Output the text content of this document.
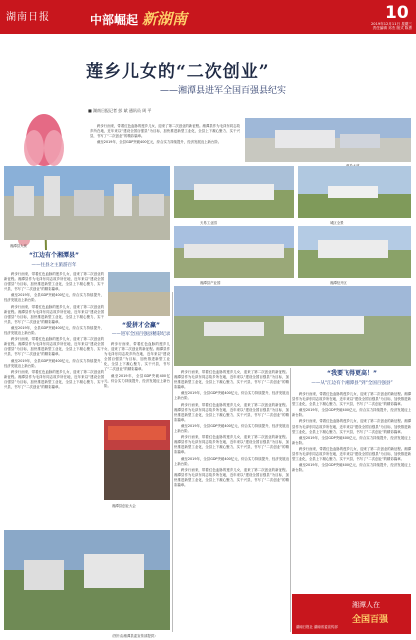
湖南日报	中部崛起 新湖南	10
2019年12月11日 星期三
责任编辑 邓杰 版式 陈勇
莲乡儿女的“二次创业”
——湘潭县进军全国百强县纪实
■ 湖南日报记者 彭 斌 通讯员 周 平

跨步行而来，带着红色血脉的莲乡儿女，迎来了第二次创业的新征程。湘潭县作为毛泽东同志故乡所在地，近年来以“建设全国百强县”为目标，加快推进新型工业化，全县上下凝心聚力、实干兴县，书写了“二次创业”的精彩篇章。

截至2019年，全县GDP突破400亿元，综合实力持续提升，经济发展迈上新台阶。

湘潭县大泉
天易工业园	城区全景
湘潭县产业园	湘潭经开区
“江边有个湘潭县”
——往县之主旅游百年

跨步行而来，带着红色血脉的莲乡儿女，迎来了第二次创业的新征程。湘潭县作为毛泽东同志故乡所在地，近年来以“建设全国百强县”为目标，加快推进新型工业化，全县上下凝心聚力、实干兴县，书写了“二次创业”的精彩篇章。

截至2019年，全县GDP突破400亿元，综合实力持续提升，经济发展迈上新台阶。

跨步行而来，带着红色血脉的莲乡儿女，迎来了第二次创业的新征程。湘潭县作为毛泽东同志故乡所在地，近年来以“建设全国百强县”为目标，加快推进新型工业化，全县上下凝心聚力、实干兴县，书写了“二次创业”的精彩篇章。

截至2019年，全县GDP突破400亿元，综合实力持续提升，经济发展迈上新台阶。

跨步行而来，带着红色血脉的莲乡儿女，迎来了第二次创业的新征程。湘潭县作为毛泽东同志故乡所在地，近年来以“建设全国百强县”为目标，加快推进新型工业化，全县上下凝心聚力、实干兴县，书写了“二次创业”的精彩篇章。

截至2019年，全县GDP突破400亿元，综合实力持续提升，经济发展迈上新台阶。

跨步行而来，带着红色血脉的莲乡儿女，迎来了第二次创业的新征程。湘潭县作为毛泽东同志故乡所在地，近年来以“建设全国百强县”为目标，加快推进新型工业化，全县上下凝心聚力、实干兴县，书写了“二次创业”的精彩篇章。

“爱拼才会赢”
——进军全国百强县精彩纪录
湘潭县创业大会

跨步行而来，带着红色血脉的莲乡儿女，迎来了第二次创业的新征程。湘潭县作为毛泽东同志故乡所在地，近年来以“建设全国百强县”为目标，加快推进新型工业化，全县上下凝心聚力、实干兴县，书写了“二次创业”的精彩篇章。

截至2019年，全县GDP突破400亿元，综合实力持续提升，经济发展迈上新台阶。

跨步行而来，带着红色血脉的莲乡儿女，迎来了第二次创业的新征程。湘潭县作为毛泽东同志故乡所在地，近年来以“建设全国百强县”为目标，加快推进新型工业化，全县上下凝心聚力、实干兴县，书写了“二次创业”的精彩篇章。

截至2019年，全县GDP突破400亿元，综合实力持续提升，经济发展迈上新台阶。

跨步行而来，带着红色血脉的莲乡儿女，迎来了第二次创业的新征程。湘潭县作为毛泽东同志故乡所在地，近年来以“建设全国百强县”为目标，加快推进新型工业化，全县上下凝心聚力、实干兴县，书写了“二次创业”的精彩篇章。

截至2019年，全县GDP突破400亿元，综合实力持续提升，经济发展迈上新台阶。

跨步行而来，带着红色血脉的莲乡儿女，迎来了第二次创业的新征程。湘潭县作为毛泽东同志故乡所在地，近年来以“建设全国百强县”为目标，加快推进新型工业化，全县上下凝心聚力、实干兴县，书写了“二次创业”的精彩篇章。

截至2019年，全县GDP突破400亿元，综合实力持续提升，经济发展迈上新台阶。

跨步行而来，带着红色血脉的莲乡儿女，迎来了第二次创业的新征程。湘潭县作为毛泽东同志故乡所在地，近年来以“建设全国百强县”为目标，加快推进新型工业化，全县上下凝心聚力、实干兴县，书写了“二次创业”的精彩篇章。

“我要飞得更高！”
——从“江边有个湘潭县”到“全国百强县”

跨步行而来，带着红色血脉的莲乡儿女，迎来了第二次创业的新征程。湘潭县作为毛泽东同志故乡所在地，近年来以“建设全国百强县”为目标，加快推进新型工业化，全县上下凝心聚力、实干兴县，书写了“二次创业”的精彩篇章。

截至2019年，全县GDP突破400亿元，综合实力持续提升，经济发展迈上新台阶。

跨步行而来，带着红色血脉的莲乡儿女，迎来了第二次创业的新征程。湘潭县作为毛泽东同志故乡所在地，近年来以“建设全国百强县”为目标，加快推进新型工业化，全县上下凝心聚力、实干兴县，书写了“二次创业”的精彩篇章。

截至2019年，全县GDP突破400亿元，综合实力持续提升，经济发展迈上新台阶。

跨步行而来，带着红色血脉的莲乡儿女，迎来了第二次创业的新征程。湘潭县作为毛泽东同志故乡所在地，近年来以“建设全国百强县”为目标，加快推进新型工业化，全县上下凝心聚力、实干兴县，书写了“二次创业”的精彩篇章。

截至2019年，全县GDP突破400亿元，综合实力持续提升，经济发展迈上新台阶。

（图片由湘潭县委宣传部提供）
湘潭人在
全国百强
湖南日报社 湖南省委宣传部
